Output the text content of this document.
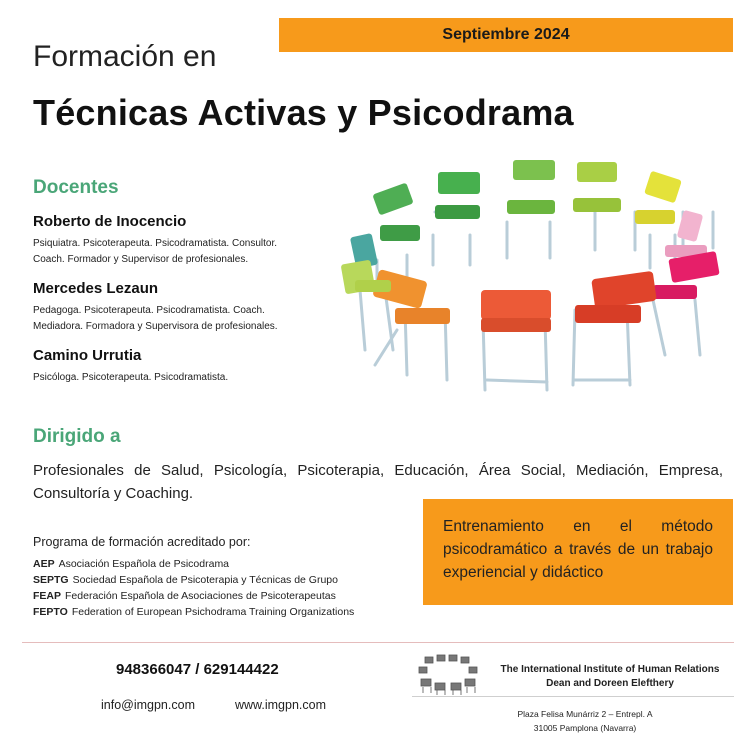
Septiembre 2024
Formación en
Técnicas Activas y Psicodrama
Docentes
Roberto de Inocencio
Psiquiatra. Psicoterapeuta. Psicodramatista. Consultor.
Coach. Formador y Supervisor de profesionales.
Mercedes Lezaun
Pedagoga. Psicoterapeuta. Psicodramatista. Coach.
Mediadora. Formadora y Supervisora de profesionales.
Camino Urrutia
Psicóloga. Psicoterapeuta. Psicodramatista.
Dirigido a
Profesionales de Salud, Psicología, Psicoterapia, Educación, Área Social, Mediación, Empresa, Consultoría y Coaching.
Programa de formación acreditado por:
AEP Asociación Española de Psicodrama
SEPTG Sociedad Española de Psicoterapia y Técnicas de Grupo
FEAP Federación Española de Asociaciones de Psicoterapeutas
FEPTO Federation of European Psichodrama Training Organizations
Entrenamiento en el método psicodramático a través de un trabajo experiencial y didáctico
948366047 / 629144422
info@imgpn.com	www.imgpn.com
The International Institute of Human Relations
Dean and Doreen Elefthery
Plaza Felisa Munárriz 2 – Entrepl. A
31005 Pamplona (Navarra)
